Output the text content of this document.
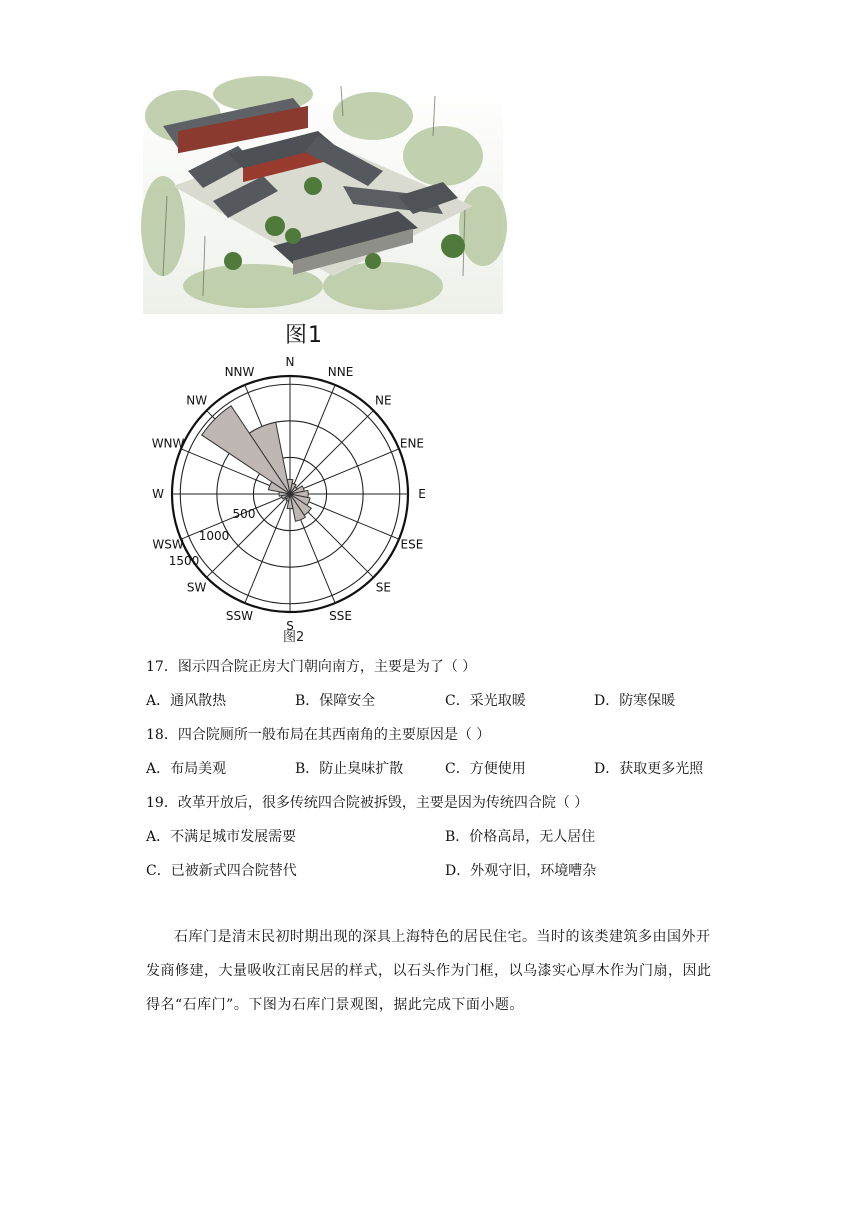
图1
N
NNE
NE
ENE
E
ESE
SE
SSE
S
SSW
SW
WSW
W
WNW
NW
NNW
500
1000
1500
图2
17．图示四合院正房大门朝向南方，主要是为了（ ）
A．通风散热	B．保障安全	C．采光取暖	D．防寒保暖
18．四合院厕所一般布局在其西南角的主要原因是（ ）
A．布局美观	B．防止臭味扩散	C．方便使用	D．获取更多光照
19．改革开放后，很多传统四合院被拆毁，主要是因为传统四合院（ ）
A．不满足城市发展需要	B．价格高昂，无人居住
C．已被新式四合院替代	D．外观守旧，环境嘈杂
石库门是清末民初时期出现的深具上海特色的居民住宅。当时的该类建筑多由国外开发商修建，大量吸收江南民居的样式，以石头作为门框，以乌漆实心厚木作为门扇，因此得名“石库门”。下图为石库门景观图，据此完成下面小题。
